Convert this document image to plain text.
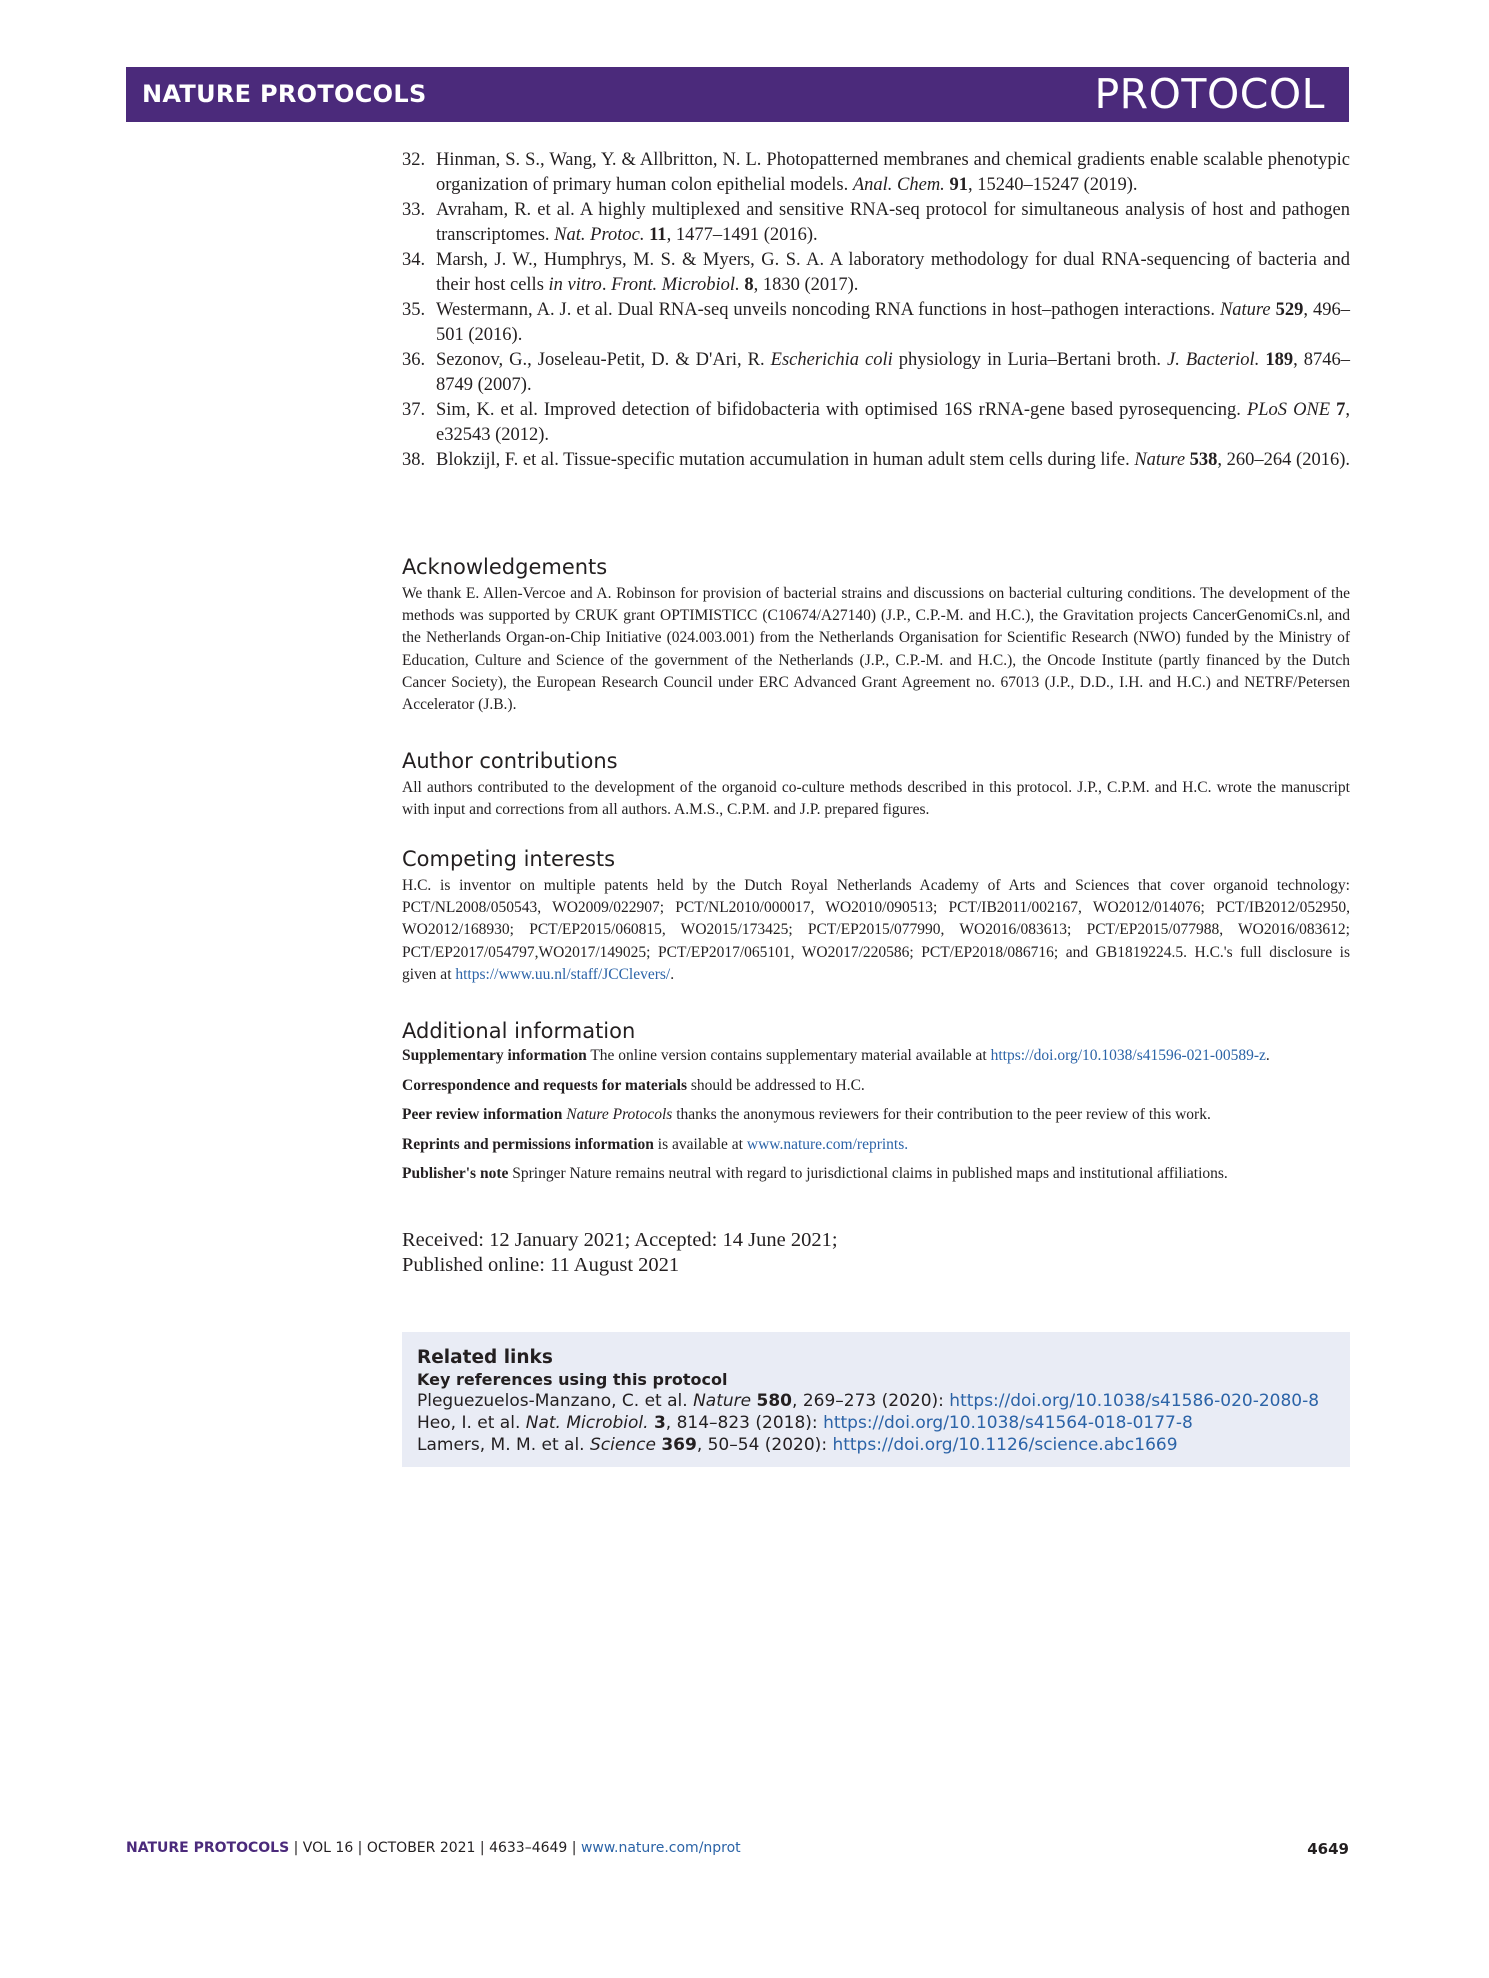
NATURE PROTOCOLS	PROTOCOL
32. Hinman, S. S., Wang, Y. & Allbritton, N. L. Photopatterned membranes and chemical gradients enable scalable phenotypic organization of primary human colon epithelial models. Anal. Chem. 91, 15240–15247 (2019).
33. Avraham, R. et al. A highly multiplexed and sensitive RNA-seq protocol for simultaneous analysis of host and pathogen transcriptomes. Nat. Protoc. 11, 1477–1491 (2016).
34. Marsh, J. W., Humphrys, M. S. & Myers, G. S. A. A laboratory methodology for dual RNA-sequencing of bacteria and their host cells in vitro. Front. Microbiol. 8, 1830 (2017).
35. Westermann, A. J. et al. Dual RNA-seq unveils noncoding RNA functions in host–pathogen interactions. Nature 529, 496–501 (2016).
36. Sezonov, G., Joseleau-Petit, D. & D'Ari, R. Escherichia coli physiology in Luria–Bertani broth. J. Bacteriol. 189, 8746–8749 (2007).
37. Sim, K. et al. Improved detection of bifidobacteria with optimised 16S rRNA-gene based pyrosequencing. PLoS ONE 7, e32543 (2012).
38. Blokzijl, F. et al. Tissue-specific mutation accumulation in human adult stem cells during life. Nature 538, 260–264 (2016).
Acknowledgements

We thank E. Allen-Vercoe and A. Robinson for provision of bacterial strains and discussions on bacterial culturing conditions. The development of the methods was supported by CRUK grant OPTIMISTICC (C10674/A27140) (J.P., C.P.-M. and H.C.), the Gravitation projects CancerGenomiCs.nl, and the Netherlands Organ-on-Chip Initiative (024.003.001) from the Netherlands Organisation for Scientific Research (NWO) funded by the Ministry of Education, Culture and Science of the government of the Netherlands (J.P., C.P.-M. and H.C.), the Oncode Institute (partly financed by the Dutch Cancer Society), the European Research Council under ERC Advanced Grant Agreement no. 67013 (J.P., D.D., I.H. and H.C.) and NETRF/Petersen Accelerator (J.B.).

Author contributions

All authors contributed to the development of the organoid co-culture methods described in this protocol. J.P., C.P.M. and H.C. wrote the manuscript with input and corrections from all authors. A.M.S., C.P.M. and J.P. prepared figures.

Competing interests

H.C. is inventor on multiple patents held by the Dutch Royal Netherlands Academy of Arts and Sciences that cover organoid technology: PCT/NL2008/050543, WO2009/022907; PCT/NL2010/000017, WO2010/090513; PCT/IB2011/002167, WO2012/014076; PCT/IB2012/052950, WO2012/168930; PCT/EP2015/060815, WO2015/173425; PCT/EP2015/077990, WO2016/083613; PCT/EP2015/077988, WO2016/083612; PCT/EP2017/054797,WO2017/149025; PCT/EP2017/065101, WO2017/220586; PCT/EP2018/086716; and GB1819224.5. H.C.'s full disclosure is given at https://www.uu.nl/staff/JCClevers/.

Additional information

Supplementary information The online version contains supplementary material available at https://doi.org/10.1038/s41596-021-00589-z.

Correspondence and requests for materials should be addressed to H.C.

Peer review information Nature Protocols thanks the anonymous reviewers for their contribution to the peer review of this work.

Reprints and permissions information is available at www.nature.com/reprints.

Publisher's note Springer Nature remains neutral with regard to jurisdictional claims in published maps and institutional affiliations.

Received: 12 January 2021; Accepted: 14 June 2021;
Published online: 11 August 2021
Related links
Key references using this protocol
Pleguezuelos-Manzano, C. et al. Nature 580, 269–273 (2020): https://doi.org/10.1038/s41586-020-2080-8
Heo, I. et al. Nat. Microbiol. 3, 814–823 (2018): https://doi.org/10.1038/s41564-018-0177-8
Lamers, M. M. et al. Science 369, 50–54 (2020): https://doi.org/10.1126/science.abc1669
NATURE PROTOCOLS | VOL 16 | OCTOBER 2021 | 4633–4649 | www.nature.com/nprot	4649
